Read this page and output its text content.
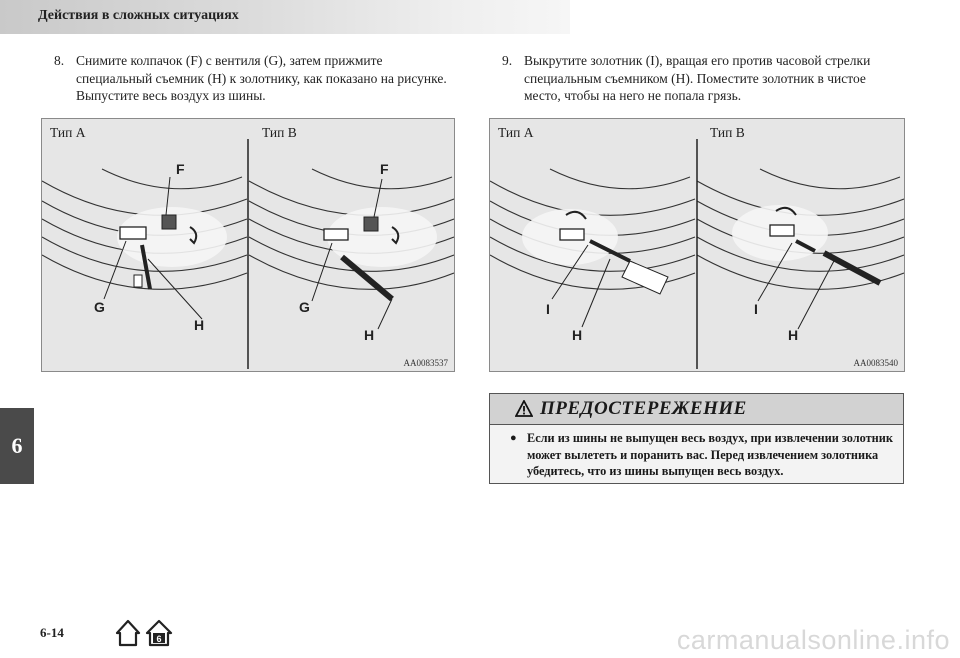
Действия в сложных ситуациях
8. Снимите колпачок (F) с вентиля (G), затем прижмите специальный съемник (H) к золотнику, как показано на рисунке. Выпустите весь воздух из шины.
9. Выкрутите золотник (I), вращая его против часовой стрелки специальным съемником (H). Поместите золотник в чистое место, чтобы на него не попала грязь.
Тип A	Тип B
F
G
H
F
G
H
AA0083537
Тип A	Тип B
I
H
I
H
AA0083540
6
ПРЕДОСТЕРЕЖЕНИЕ
● Если из шины не выпущен весь воздух, при извлечении золотник может вылететь и поранить вас. Перед извлечением золотника убедитесь, что из шины выпущен весь воздух.
6-14	6	carmanualsonline.info
